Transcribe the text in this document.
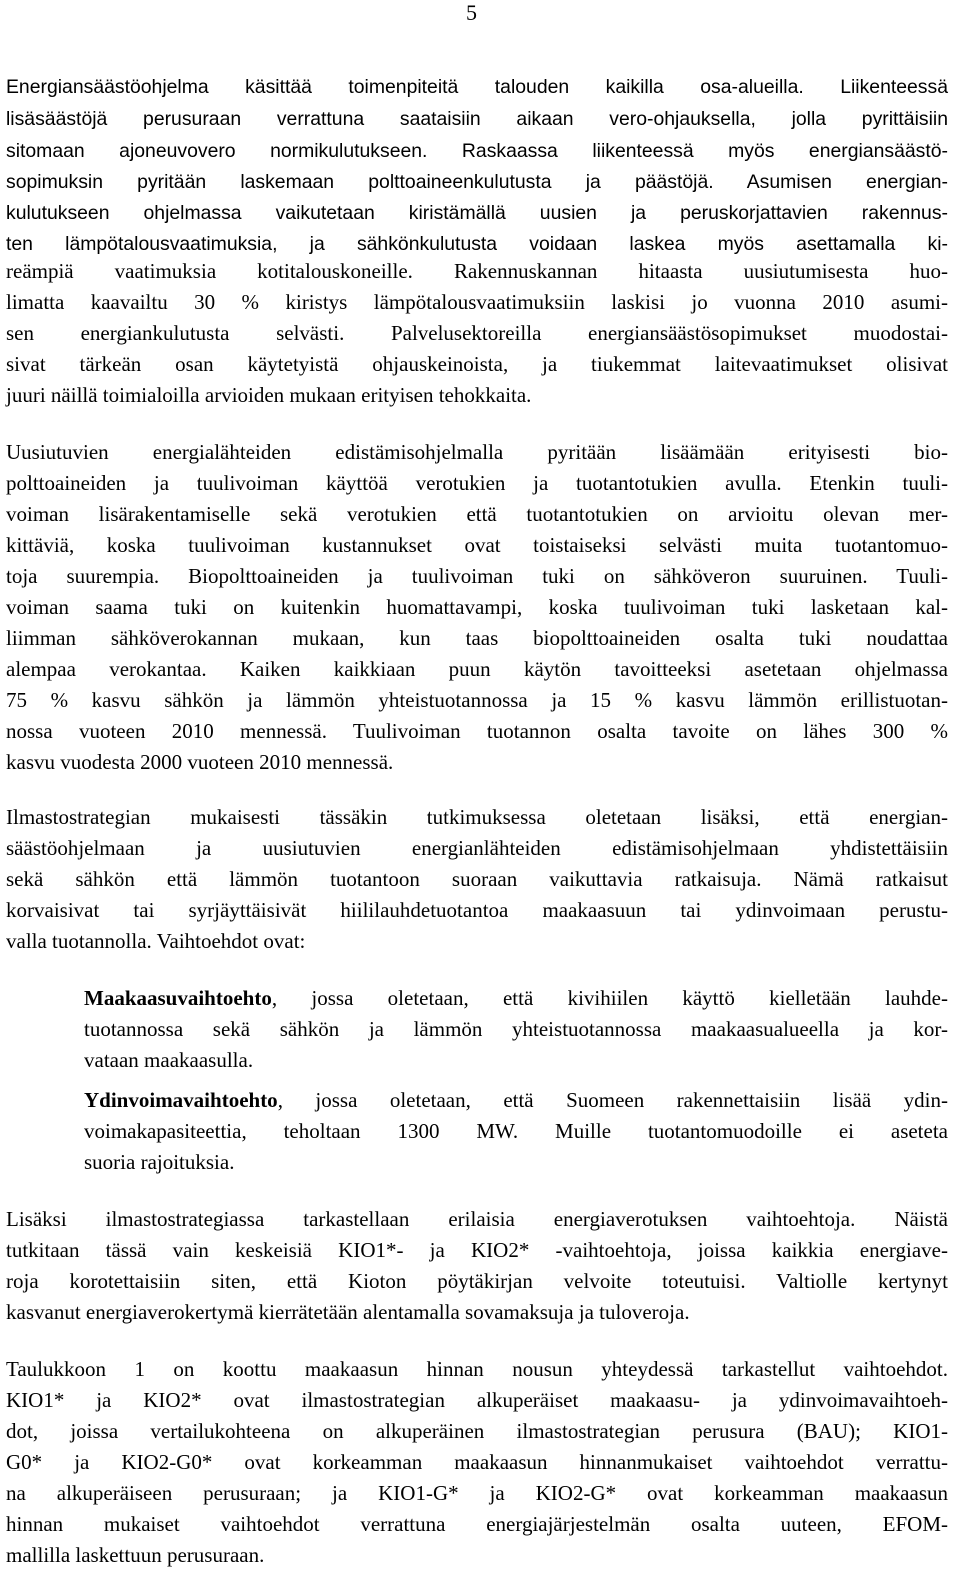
5
Energiansäästöohjelma käsittää toimenpiteitä talouden kaikilla osa-alueilla. Liikenteessä
lisäsäästöjä perusuraan verrattuna saataisiin aikaan vero-ohjauksella, jolla pyrittäisiin
sitomaan ajoneuvovero normikulutukseen. Raskaassa liikenteessä myös energiansäästö-
sopimuksin pyritään laskemaan polttoaineenkulutusta ja päästöjä. Asumisen energian-
kulutukseen ohjelmassa vaikutetaan kiristämällä uusien ja peruskorjattavien rakennus-
ten lämpötalousvaatimuksia, ja sähkönkulutusta voidaan laskea myös asettamalla ki-
reämpiä vaatimuksia kotitalouskoneille. Rakennuskannan hitaasta uusiutumisesta huo-
limatta kaavailtu 30 % kiristys lämpötalousvaatimuksiin laskisi jo vuonna 2010 asumi-
sen energiankulutusta selvästi. Palvelusektoreilla energiansäästösopimukset muodostai-
sivat tärkeän osan käytetyistä ohjauskeinoista, ja tiukemmat laitevaatimukset olisivat
juuri näillä toimialoilla arvioiden mukaan erityisen tehokkaita.
Uusiutuvien energialähteiden edistämisohjelmalla pyritään lisäämään erityisesti bio-
polttoaineiden ja tuulivoiman käyttöä verotukien ja tuotantotukien avulla. Etenkin tuuli-
voiman lisärakentamiselle sekä verotukien että tuotantotukien on arvioitu olevan mer-
kittäviä, koska tuulivoiman kustannukset ovat toistaiseksi selvästi muita tuotantomuo-
toja suurempia. Biopolttoaineiden ja tuulivoiman tuki on sähköveron suuruinen. Tuuli-
voiman saama tuki on kuitenkin huomattavampi, koska tuulivoiman tuki lasketaan kal-
liimman sähköverokannan mukaan, kun taas biopolttoaineiden osalta tuki noudattaa
alempaa verokantaa. Kaiken kaikkiaan puun käytön tavoitteeksi asetetaan ohjelmassa
75 % kasvu sähkön ja lämmön yhteistuotannossa ja 15 % kasvu lämmön erillistuotan-
nossa vuoteen 2010 mennessä. Tuulivoiman tuotannon osalta tavoite on lähes 300 %
kasvu vuodesta 2000 vuoteen 2010 mennessä.
Ilmastostrategian mukaisesti tässäkin tutkimuksessa oletetaan lisäksi, että energian-
säästöohjelmaan ja uusiutuvien energianlähteiden edistämisohjelmaan yhdistettäisiin
sekä sähkön että lämmön tuotantoon suoraan vaikuttavia ratkaisuja. Nämä ratkaisut
korvaisivat tai syrjäyttäisivät hiililauhdetuotantoa maakaasuun tai ydinvoimaan perustu-
valla tuotannolla. Vaihtoehdot ovat:
Maakaasuvaihtoehto, jossa oletetaan, että kivihiilen käyttö kielletään lauhde-
tuotannossa sekä sähkön ja lämmön yhteistuotannossa maakaasualueella ja kor-
vataan maakaasulla.
Ydinvoimavaihtoehto, jossa oletetaan, että Suomeen rakennettaisiin lisää ydin-
voimakapasiteettia, teholtaan 1300 MW. Muille tuotantomuodoille ei aseteta
suoria rajoituksia.
Lisäksi ilmastostrategiassa tarkastellaan erilaisia energiaverotuksen vaihtoehtoja. Näistä
tutkitaan tässä vain keskeisiä KIO1*- ja KIO2* -vaihtoehtoja, joissa kaikkia energiave-
roja korotettaisiin siten, että Kioton pöytäkirjan velvoite toteutuisi. Valtiolle kertynyt
kasvanut energiaverokertymä kierrätetään alentamalla sovamaksuja ja tuloveroja.
Taulukkoon 1 on koottu maakaasun hinnan nousun yhteydessä tarkastellut vaihtoehdot.
KIO1* ja KIO2* ovat ilmastostrategian alkuperäiset maakaasu- ja ydinvoimavaihtoeh-
dot, joissa vertailukohteena on alkuperäinen ilmastostrategian perusura (BAU); KIO1-
G0* ja KIO2-G0* ovat korkeamman maakaasun hinnanmukaiset vaihtoehdot verrattu-
na alkuperäiseen perusuraan; ja KIO1-G* ja KIO2-G* ovat korkeamman maakaasun
hinnan mukaiset vaihtoehdot verrattuna energiajärjestelmän osalta uuteen, EFOM-
mallilla laskettuun perusuraan.
